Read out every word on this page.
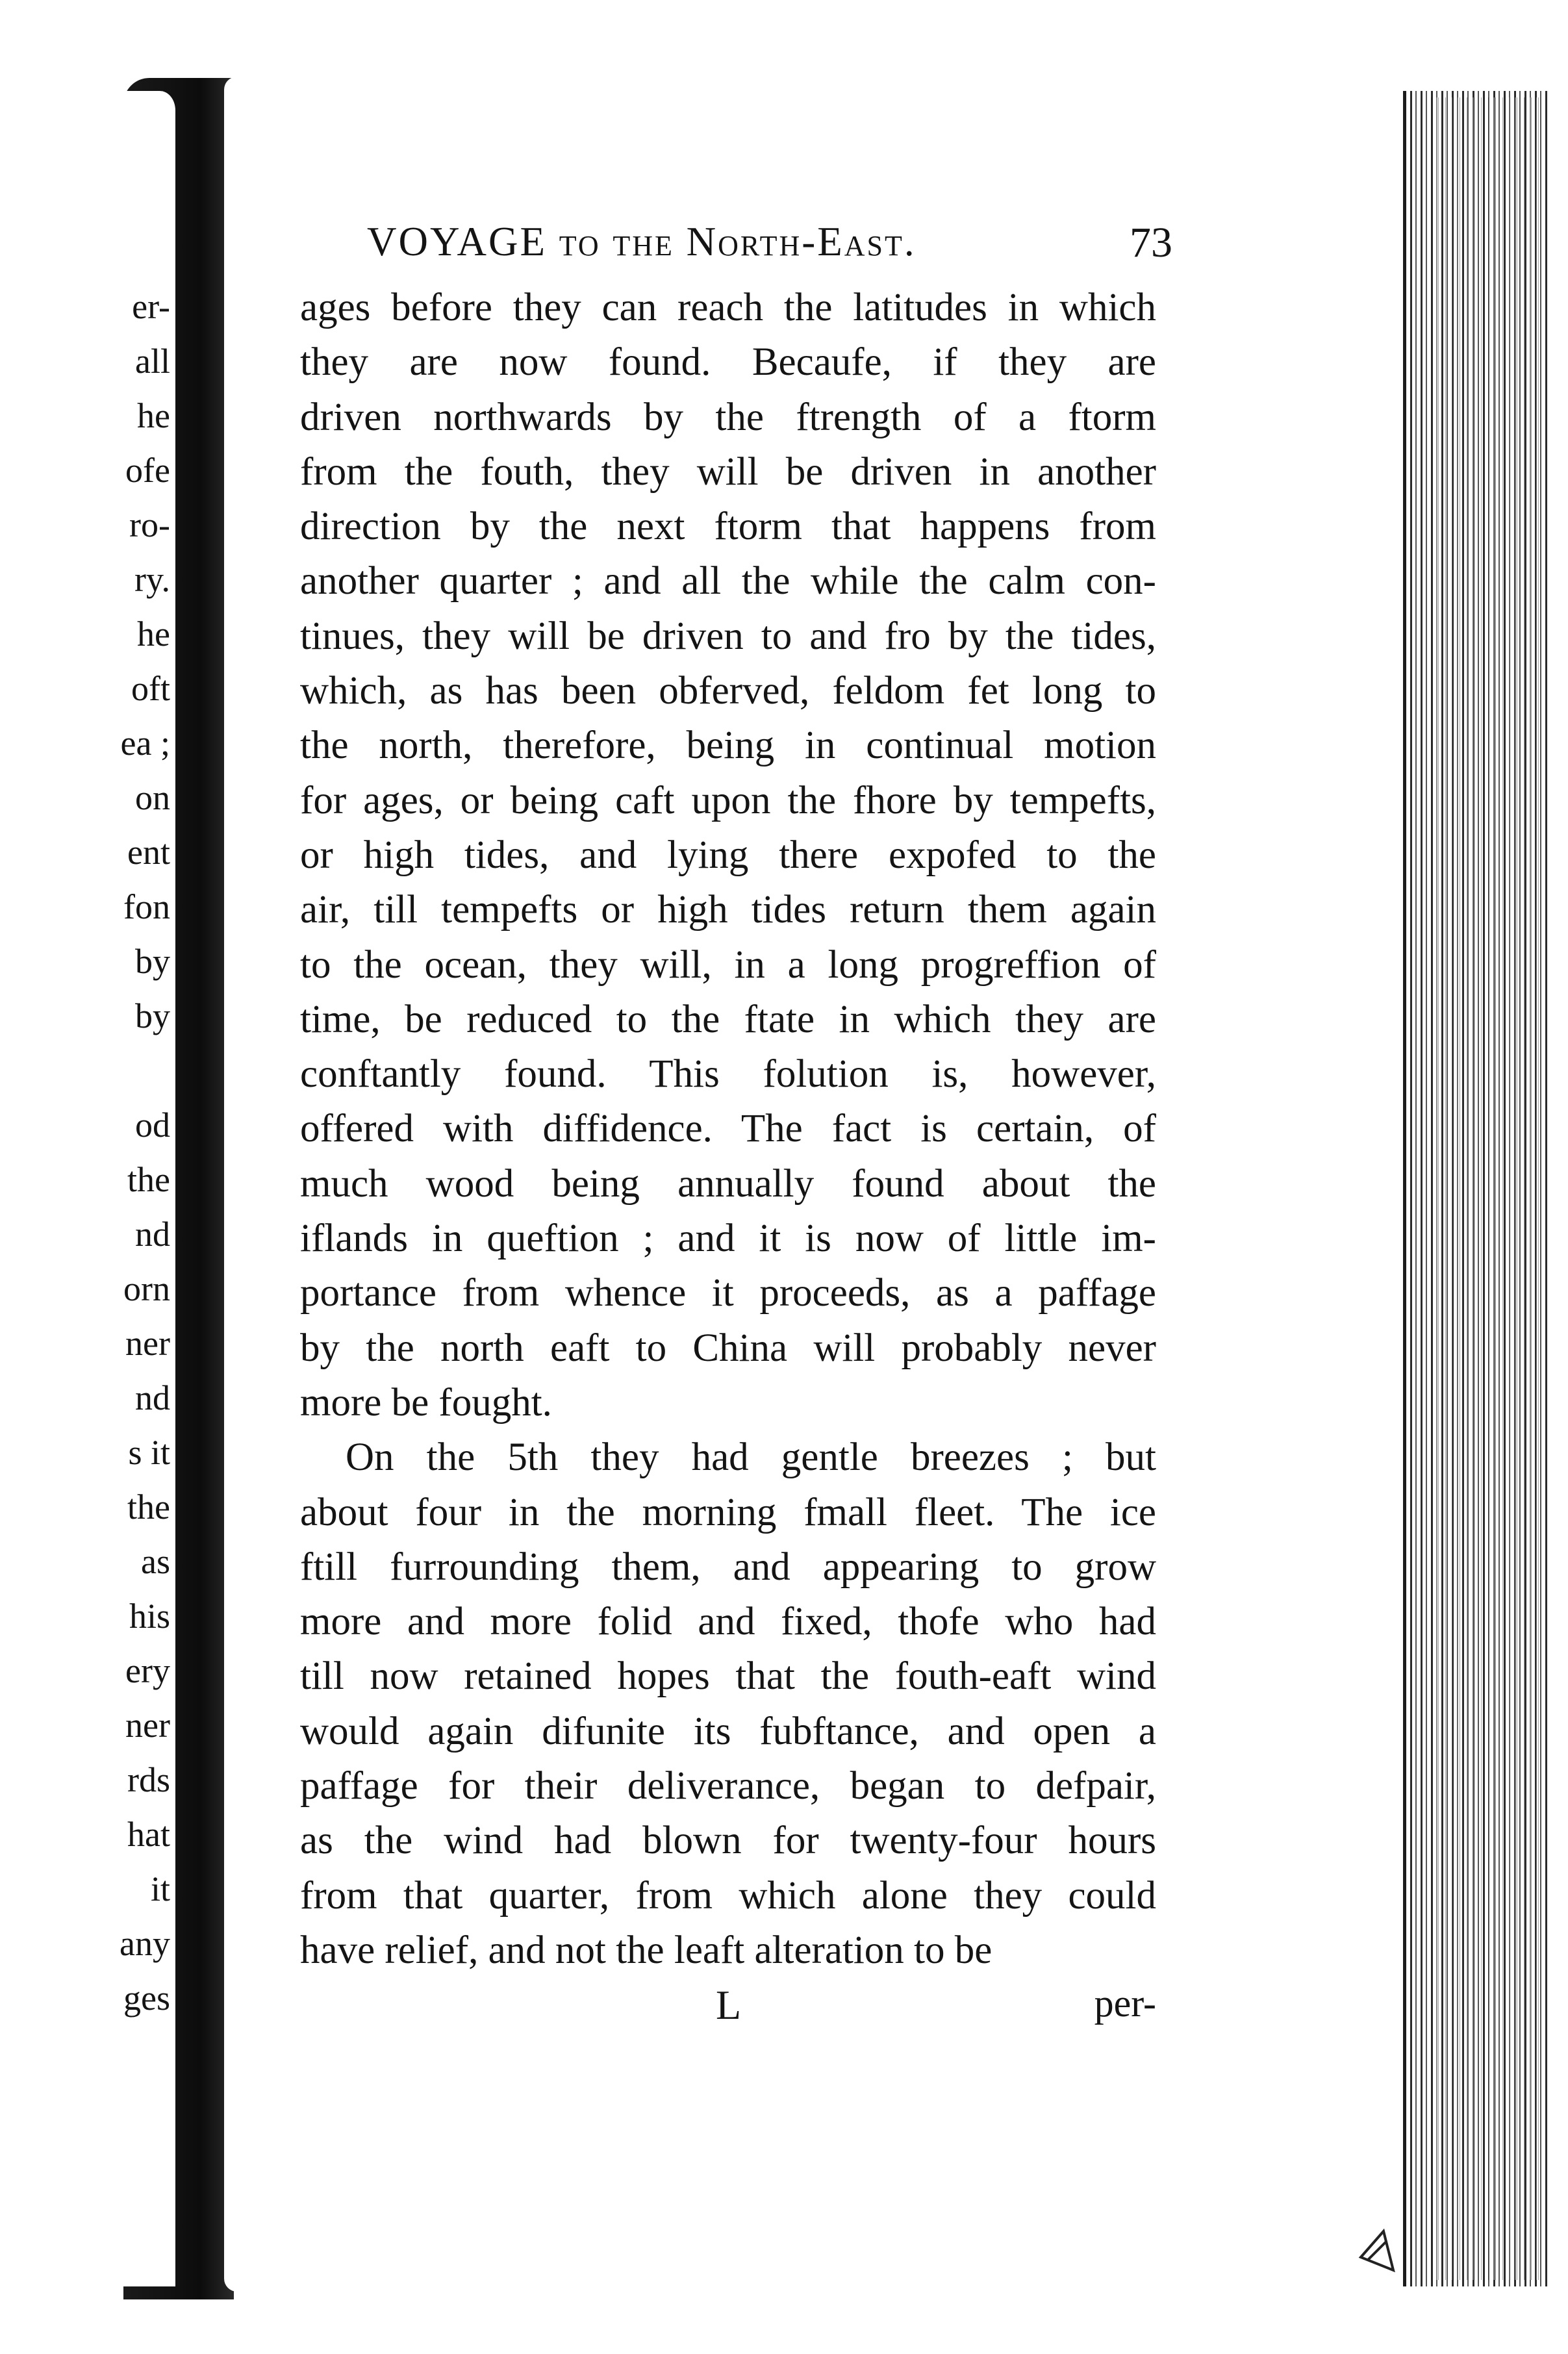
er-
all
he
ofe
ro-
ry.
he
oft
ea ;
on
ent
fon
by
by
od
the
nd
orn
ner
nd
s it
the
as
his
ery
ner
rds
hat
it
any
ges
VOYAGE to the North-East.	73
ages before they can reach the latitudes in which
they are now found. Becaufe, if they are
driven northwards by the ftrength of a ftorm
from the fouth, they will be driven in another
direction by the next ftorm that happens from
another quarter ; and all the while the calm con-
tinues, they will be driven to and fro by the tides,
which, as has been obferved, feldom fet long to
the north, therefore, being in continual motion
for ages, or being caft upon the fhore by tempefts,
or high tides, and lying there expofed to the
air, till tempefts or high tides return them again
to the ocean, they will, in a long progreffion of
time, be reduced to the ftate in which they are
conftantly found. This folution is, however,
offered with diffidence. The fact is certain, of
much wood being annually found about the
iflands in queftion ; and it is now of little im-
portance from whence it proceeds, as a paffage
by the north eaft to China will probably never
more be fought.
On the 5th they had gentle breezes ; but
about four in the morning fmall fleet. The ice
ftill furrounding them, and appearing to grow
more and more folid and fixed, thofe who had
till now retained hopes that the fouth-eaft wind
would again difunite its fubftance, and open a
paffage for their deliverance, began to defpair,
as the wind had blown for twenty-four hours
from that quarter, from which alone they could
have relief, and not the leaft alteration to be
L	per-
